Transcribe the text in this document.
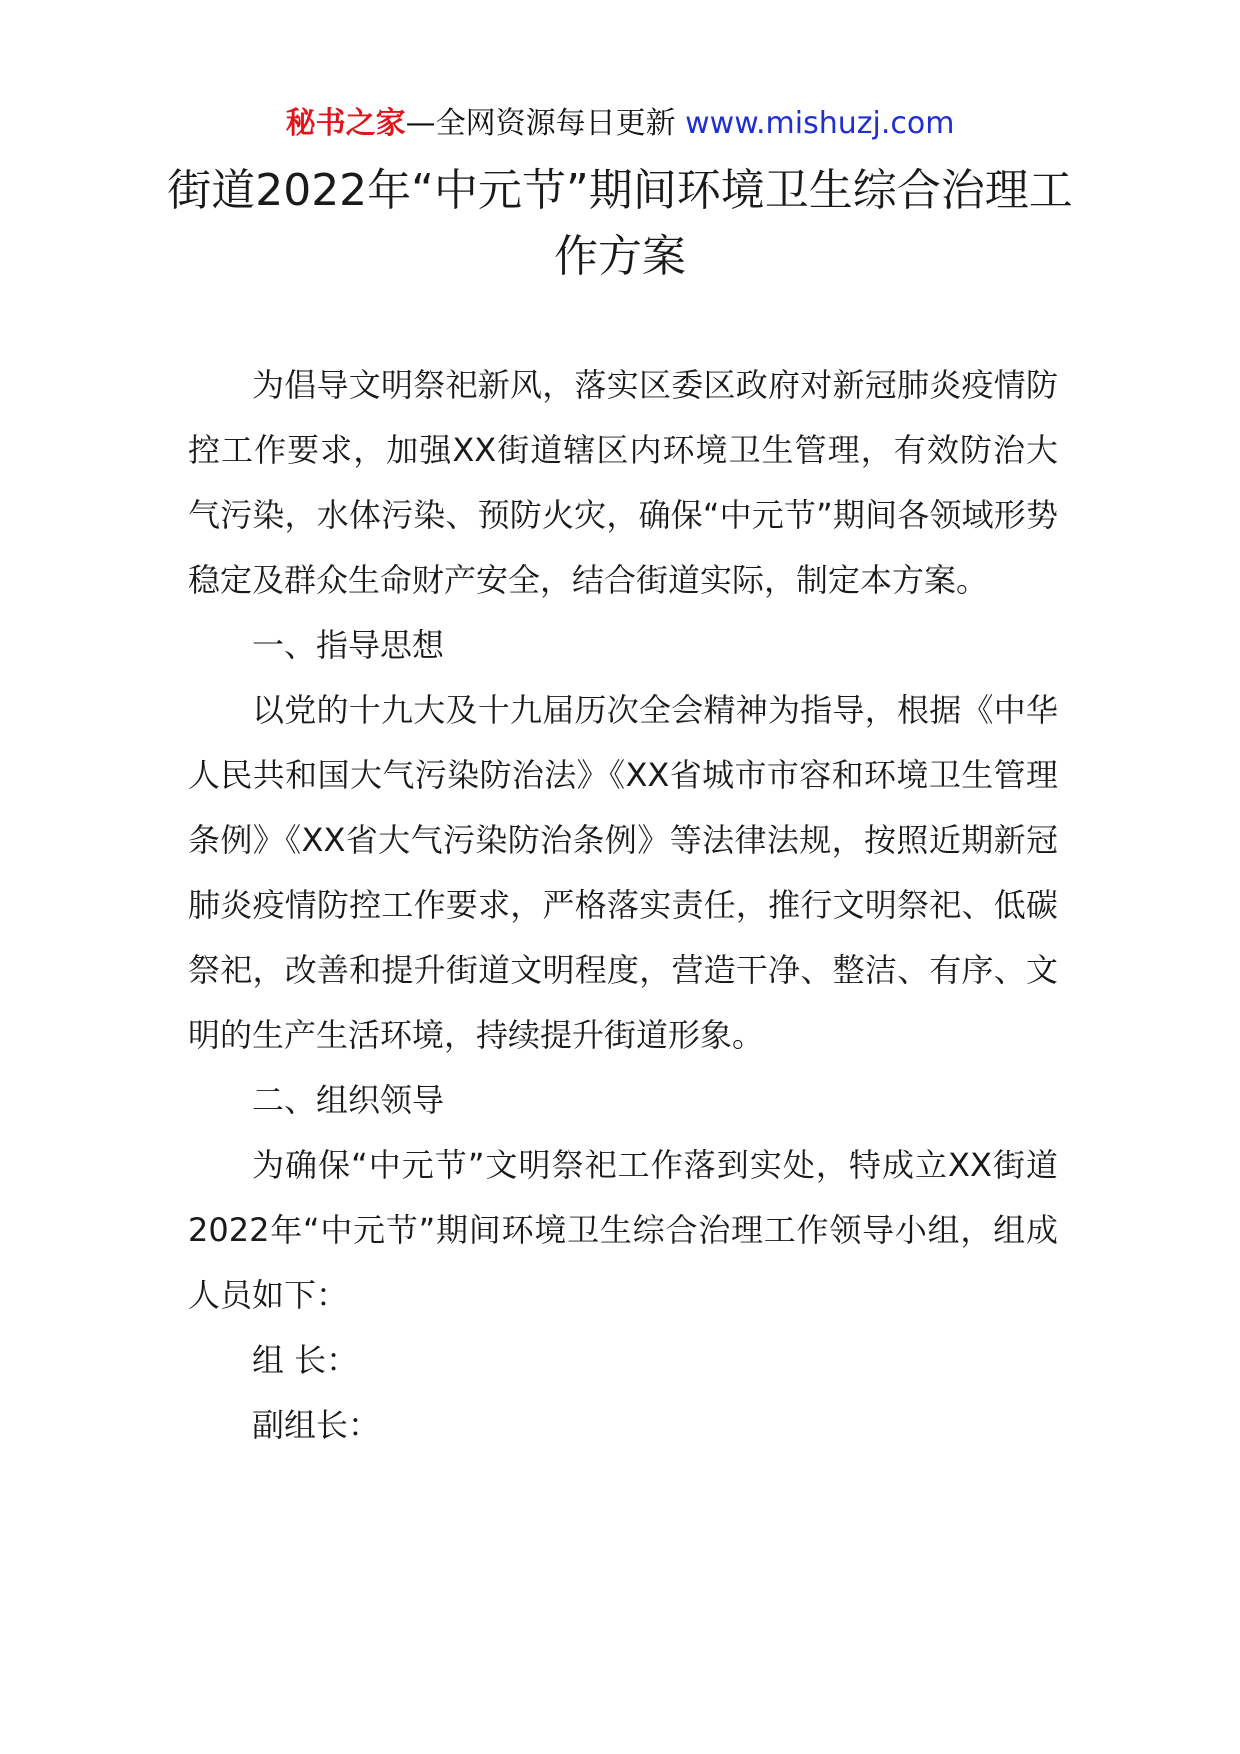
秘书之家—全网资源每日更新 www.mishuzj.com
街道2022年“中元节”期间环境卫生综合治理工作方案

为倡导文明祭祀新风，落实区委区政府对新冠肺炎疫情防控工作要求，加强XX街道辖区内环境卫生管理，有效防治大气污染，水体污染、预防火灾，确保“中元节”期间各领域形势稳定及群众生命财产安全，结合街道实际，制定本方案。

一、指导思想

以党的十九大及十九届历次全会精神为指导，根据《中华人民共和国大气污染防治法》《XX省城市市容和环境卫生管理条例》《XX省大气污染防治条例》等法律法规，按照近期新冠肺炎疫情防控工作要求，严格落实责任，推行文明祭祀、低碳祭祀，改善和提升街道文明程度，营造干净、整洁、有序、文明的生产生活环境，持续提升街道形象。

二、组织领导

为确保“中元节”文明祭祀工作落到实处，特成立XX街道2022年“中元节”期间环境卫生综合治理工作领导小组，组成人员如下：

组 长：

副组长：
